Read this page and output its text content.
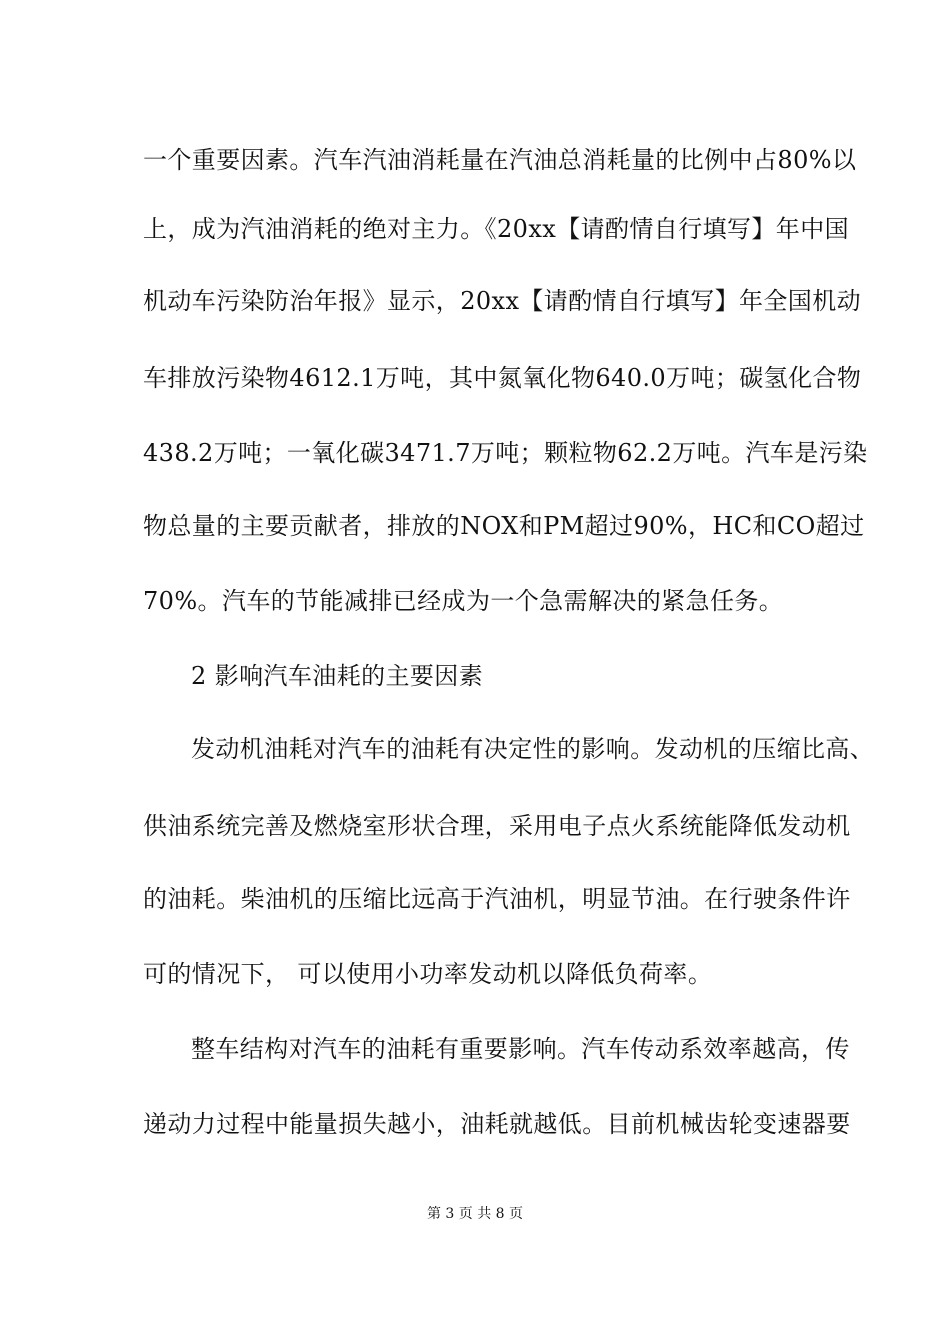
一个重要因素。汽车汽油消耗量在汽油总消耗量的比例中占80%以
上，成为汽油消耗的绝对主力。《20xx【请酌情自行填写】年中国
机动车污染防治年报》显示，20xx【请酌情自行填写】年全国机动
车排放污染物4612.1万吨，其中氮氧化物640.0万吨；碳氢化合物
438.2万吨；一氧化碳3471.7万吨；颗粒物62.2万吨。汽车是污染
物总量的主要贡献者，排放的NOX和PM超过90%，HC和CO超过
70%。汽车的节能减排已经成为一个急需解决的紧急任务。
2 影响汽车油耗的主要因素
发动机油耗对汽车的油耗有决定性的影响。发动机的压缩比高、
供油系统完善及燃烧室形状合理，采用电子点火系统能降低发动机
的油耗。柴油机的压缩比远高于汽油机，明显节油。在行驶条件许
可的情况下， 可以使用小功率发动机以降低负荷率。
整车结构对汽车的油耗有重要影响。汽车传动系效率越高，传
递动力过程中能量损失越小，油耗就越低。目前机械齿轮变速器要
第 3 页 共 8 页
